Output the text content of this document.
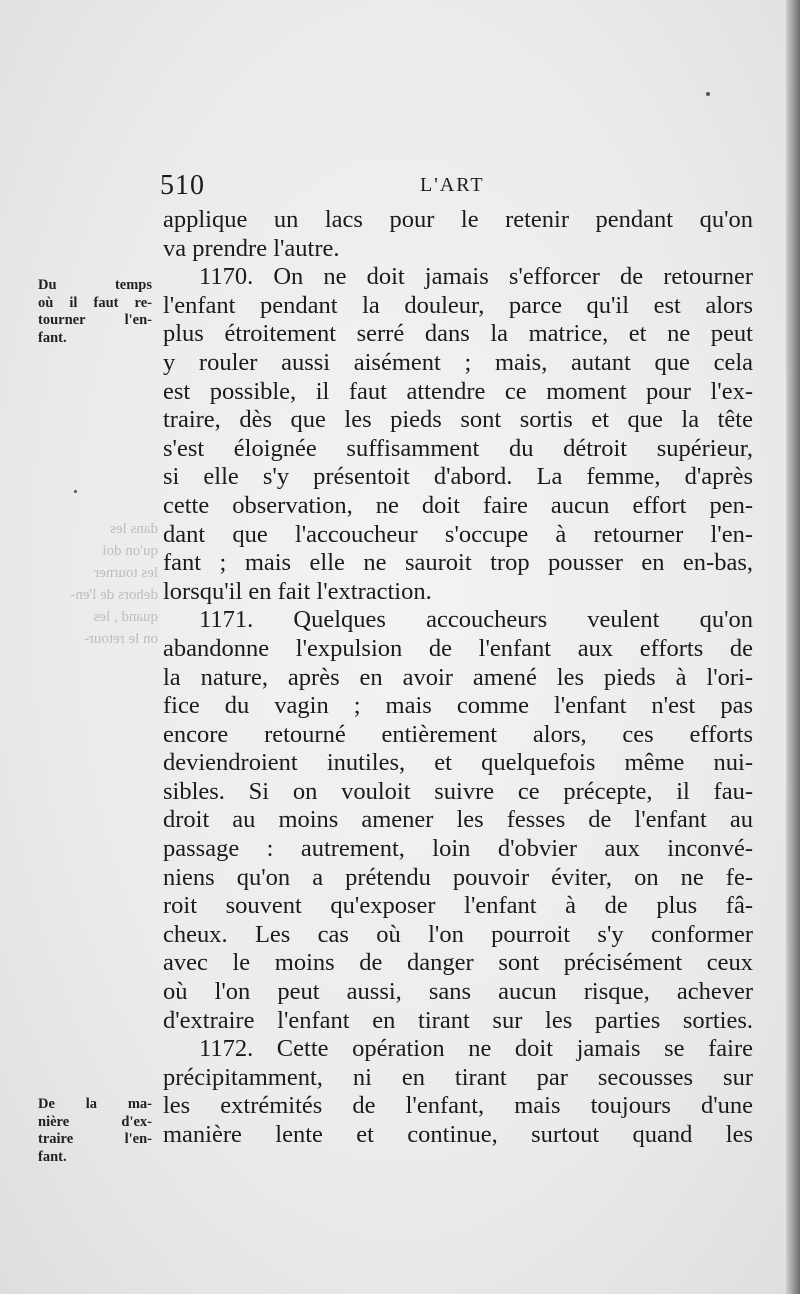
510	L'ART
Du temps
où il faut re-
tourner l'en-
fant.
De la ma-
nière d'ex-
traire l'en-
fant.
dans les
qu'on doi
les tourner
dehors de l'en-
quand , les
on le retour-
applique un lacs pour le retenir pendant qu'on
va prendre l'autre.
1170. On ne doit jamais s'efforcer de retourner
l'enfant pendant la douleur, parce qu'il est alors
plus étroitement serré dans la matrice, et ne peut
y rouler aussi aisément ; mais, autant que cela
est possible, il faut attendre ce moment pour l'ex-
traire, dès que les pieds sont sortis et que la tête
s'est éloignée suffisamment du détroit supérieur,
si elle s'y présentoit d'abord. La femme, d'après
cette observation, ne doit faire aucun effort pen-
dant que l'accoucheur s'occupe à retourner l'en-
fant ; mais elle ne sauroit trop pousser en en-bas,
lorsqu'il en fait l'extraction.
1171. Quelques accoucheurs veulent qu'on
abandonne l'expulsion de l'enfant aux efforts de
la nature, après en avoir amené les pieds à l'ori-
fice du vagin ; mais comme l'enfant n'est pas
encore retourné entièrement alors, ces efforts
deviendroient inutiles, et quelquefois même nui-
sibles. Si on vouloit suivre ce précepte, il fau-
droit au moins amener les fesses de l'enfant au
passage : autrement, loin d'obvier aux inconvé-
niens qu'on a prétendu pouvoir éviter, on ne fe-
roit souvent qu'exposer l'enfant à de plus fâ-
cheux. Les cas où l'on pourroit s'y conformer
avec le moins de danger sont précisément ceux
où l'on peut aussi, sans aucun risque, achever
d'extraire l'enfant en tirant sur les parties sorties.
1172. Cette opération ne doit jamais se faire
précipitamment, ni en tirant par secousses sur
les extrémités de l'enfant, mais toujours d'une
manière lente et continue, surtout quand les
